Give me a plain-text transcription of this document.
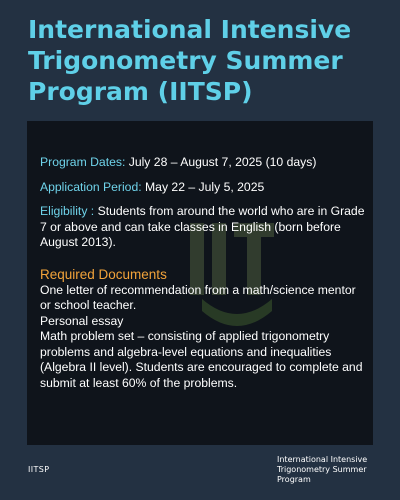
International Intensive Trigonometry Summer Program (IITSP)

Program Dates: July 28 – August 7, 2025 (10 days)

Application Period: May 22 – July 5, 2025

Eligibility : Students from around the world who are in Grade 7 or above and can take classes in English (born before August 2013).

Required Documents

One letter of recommendation from a math/science mentor or school teacher.

Personal essay

Math problem set – consisting of applied trigonometry problems and algebra-level equations and inequalities (Algebra II level). Students are encouraged to complete and submit at least 60% of the problems.

IITSP
International Intensive Trigonometry Summer Program
